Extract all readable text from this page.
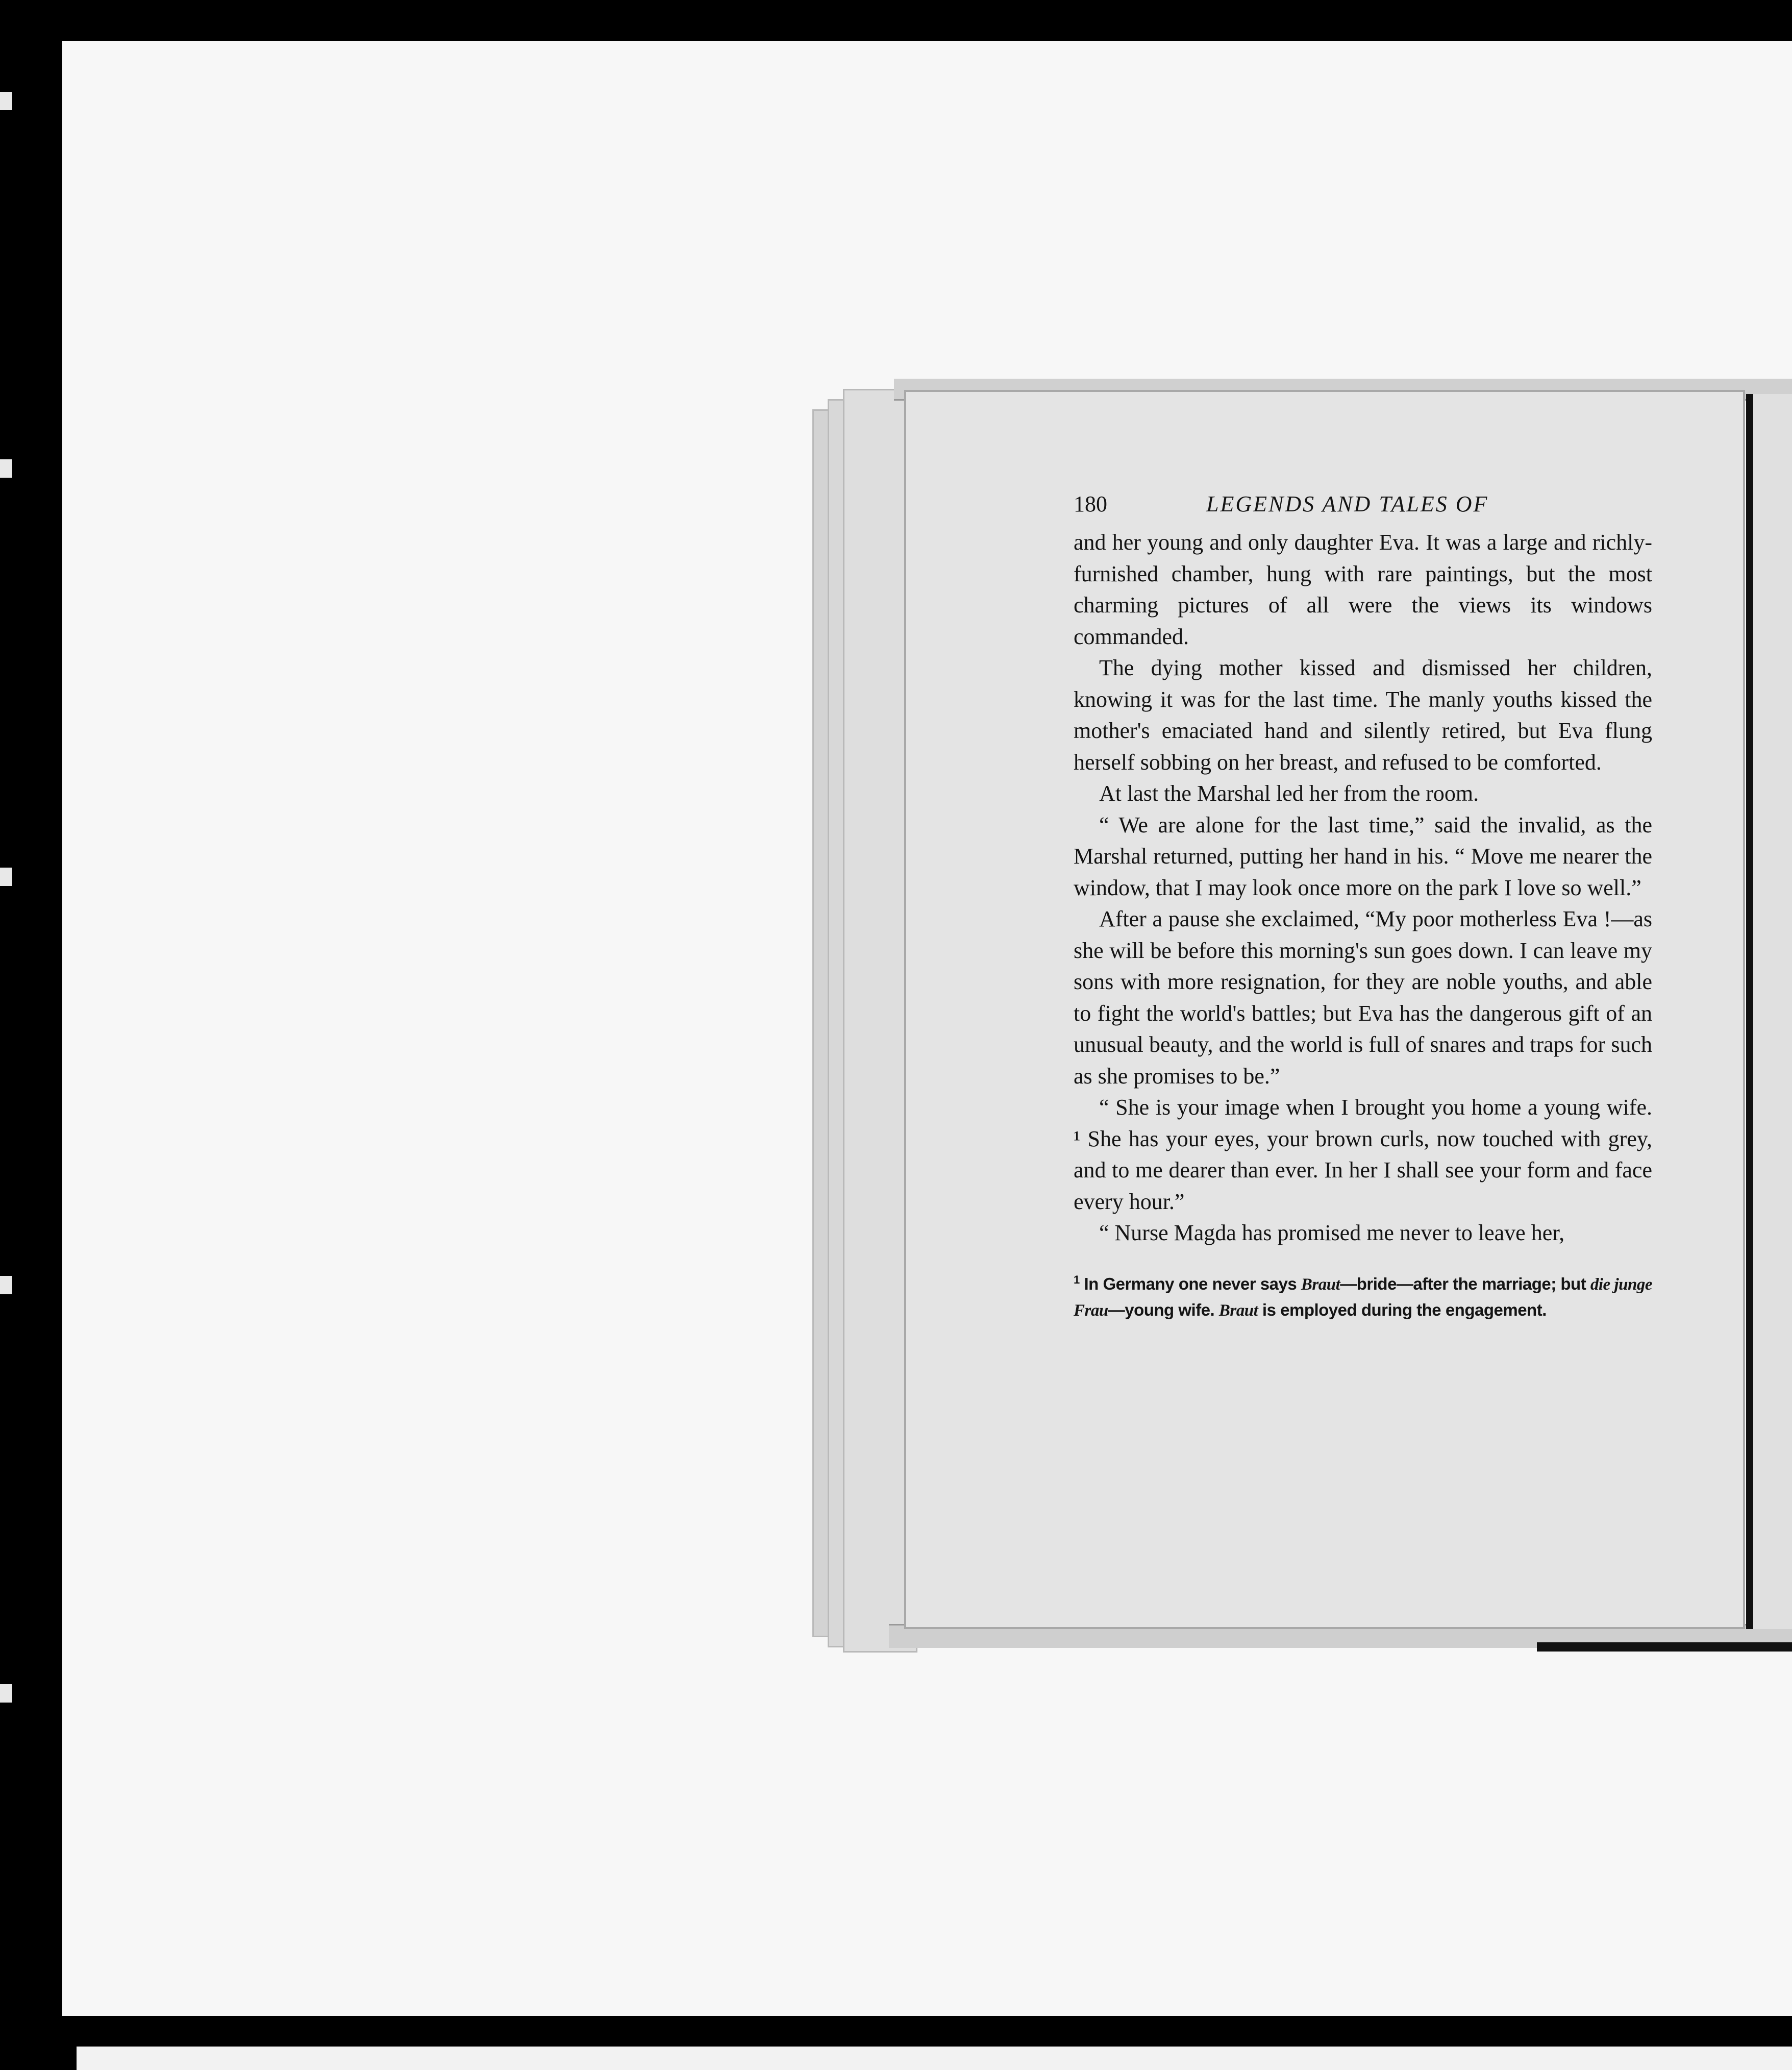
180	LEGENDS AND TALES OF

and her young and only daughter Eva. It was a large and richly-furnished chamber, hung with rare paintings, but the most charming pictures of all were the views its windows commanded.

The dying mother kissed and dismissed her children, knowing it was for the last time. The manly youths kissed the mother's emaciated hand and silently retired, but Eva flung herself sobbing on her breast, and refused to be comforted.

At last the Marshal led her from the room.

“ We are alone for the last time,” said the invalid, as the Marshal returned, putting her hand in his. “ Move me nearer the window, that I may look once more on the park I love so well.”

After a pause she exclaimed, “My poor motherless Eva !—as she will be before this morning's sun goes down. I can leave my sons with more resignation, for they are noble youths, and able to fight the world's battles; but Eva has the dangerous gift of an unusual beauty, and the world is full of snares and traps for such as she promises to be.”

“ She is your image when I brought you home a young wife. ¹ She has your eyes, your brown curls, now touched with grey, and to me dearer than ever. In her I shall see your form and face every hour.”

“ Nurse Magda has promised me never to leave her,

$^1$ In Germany one never says Braut—bride—after the marriage; but die junge Frau—young wife. Braut is employed during the engagement.
